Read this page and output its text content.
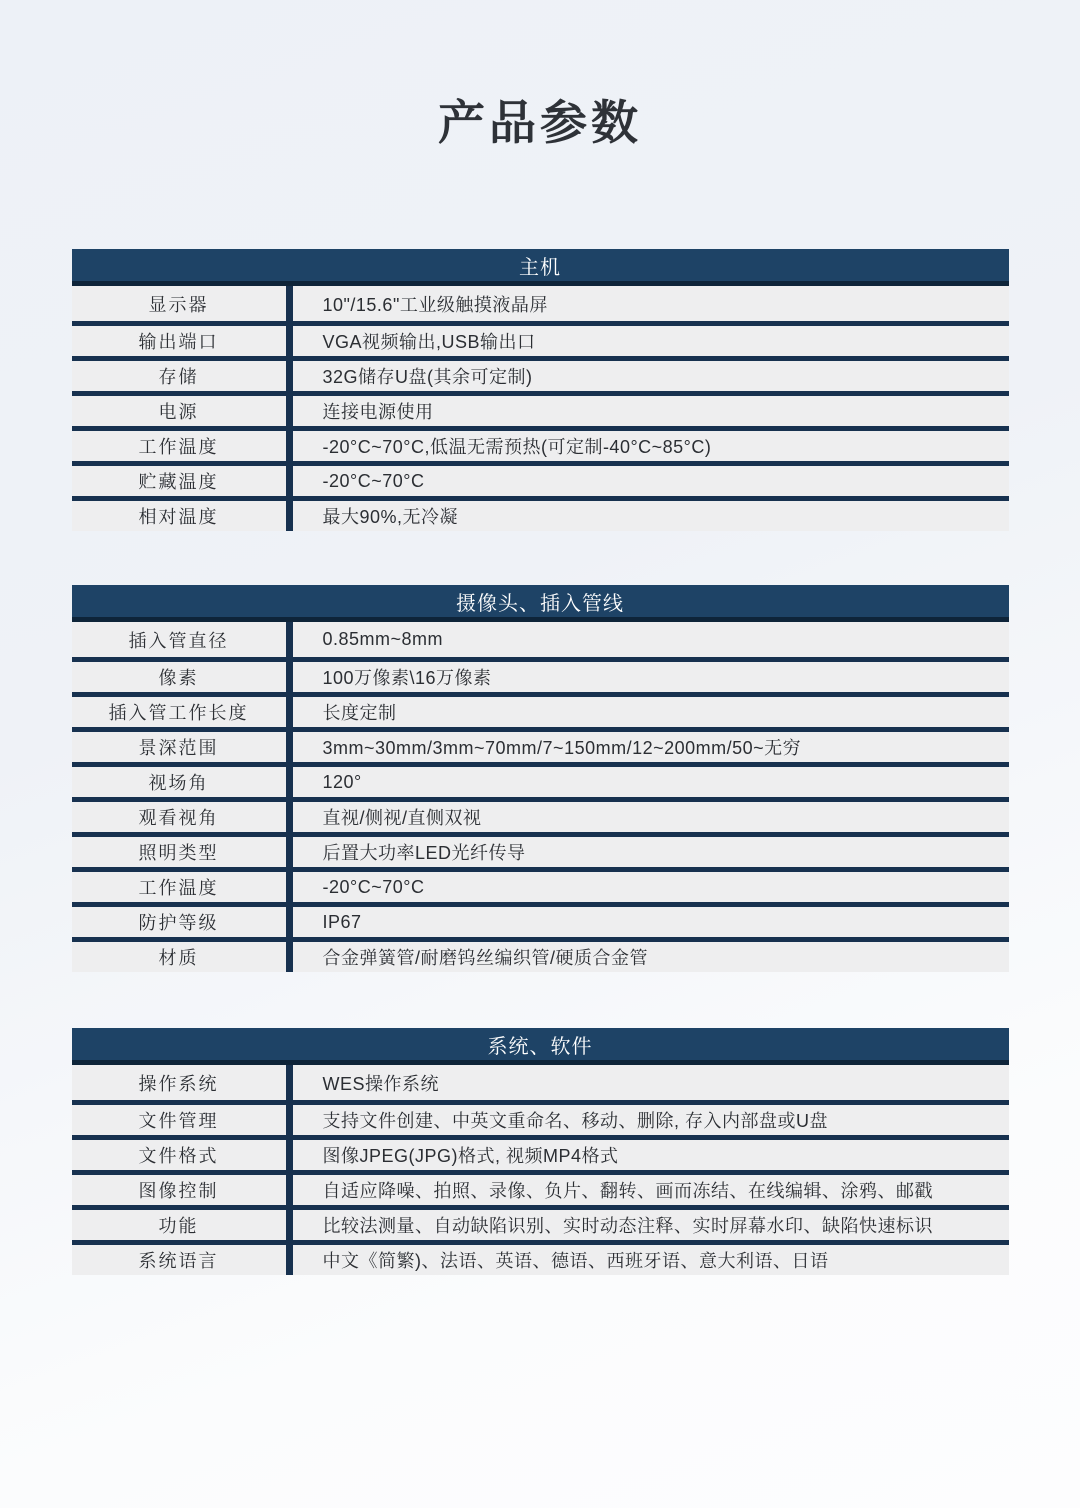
产品参数
主机
显示器	10"/15.6"工业级触摸液晶屏
输出端口	VGA视频输出,USB输出口
存储	32G储存U盘(其余可定制)
电源	连接电源使用
工作温度	-20°C~70°C,低温无需预热(可定制-40°C~85°C)
贮藏温度	-20°C~70°C
相对温度	最大90%,无冷凝
摄像头、插入管线
插入管直径	0.85mm~8mm
像素	100万像素\16万像素
插入管工作长度	长度定制
景深范围	3mm~30mm/3mm~70mm/7~150mm/12~200mm/50~无穷
视场角	120°
观看视角	直视/侧视/直侧双视
照明类型	后置大功率LED光纤传导
工作温度	-20°C~70°C
防护等级	IP67
材质	合金弹簧管/耐磨钨丝编织管/硬质合金管
系统、软件
操作系统	WES操作系统
文件管理	支持文件创建、中英文重命名、移动、删除, 存入内部盘或U盘
文件格式	图像JPEG(JPG)格式, 视频MP4格式
图像控制	自适应降噪、拍照、录像、负片、翻转、画而冻结、在线编辑、涂鸦、邮戳
功能	比较法测量、自动缺陷识别、实时动态注释、实时屏幕水印、缺陷快速标识
系统语言	中文《简繁)、法语、英语、德语、西班牙语、意大利语、日语
